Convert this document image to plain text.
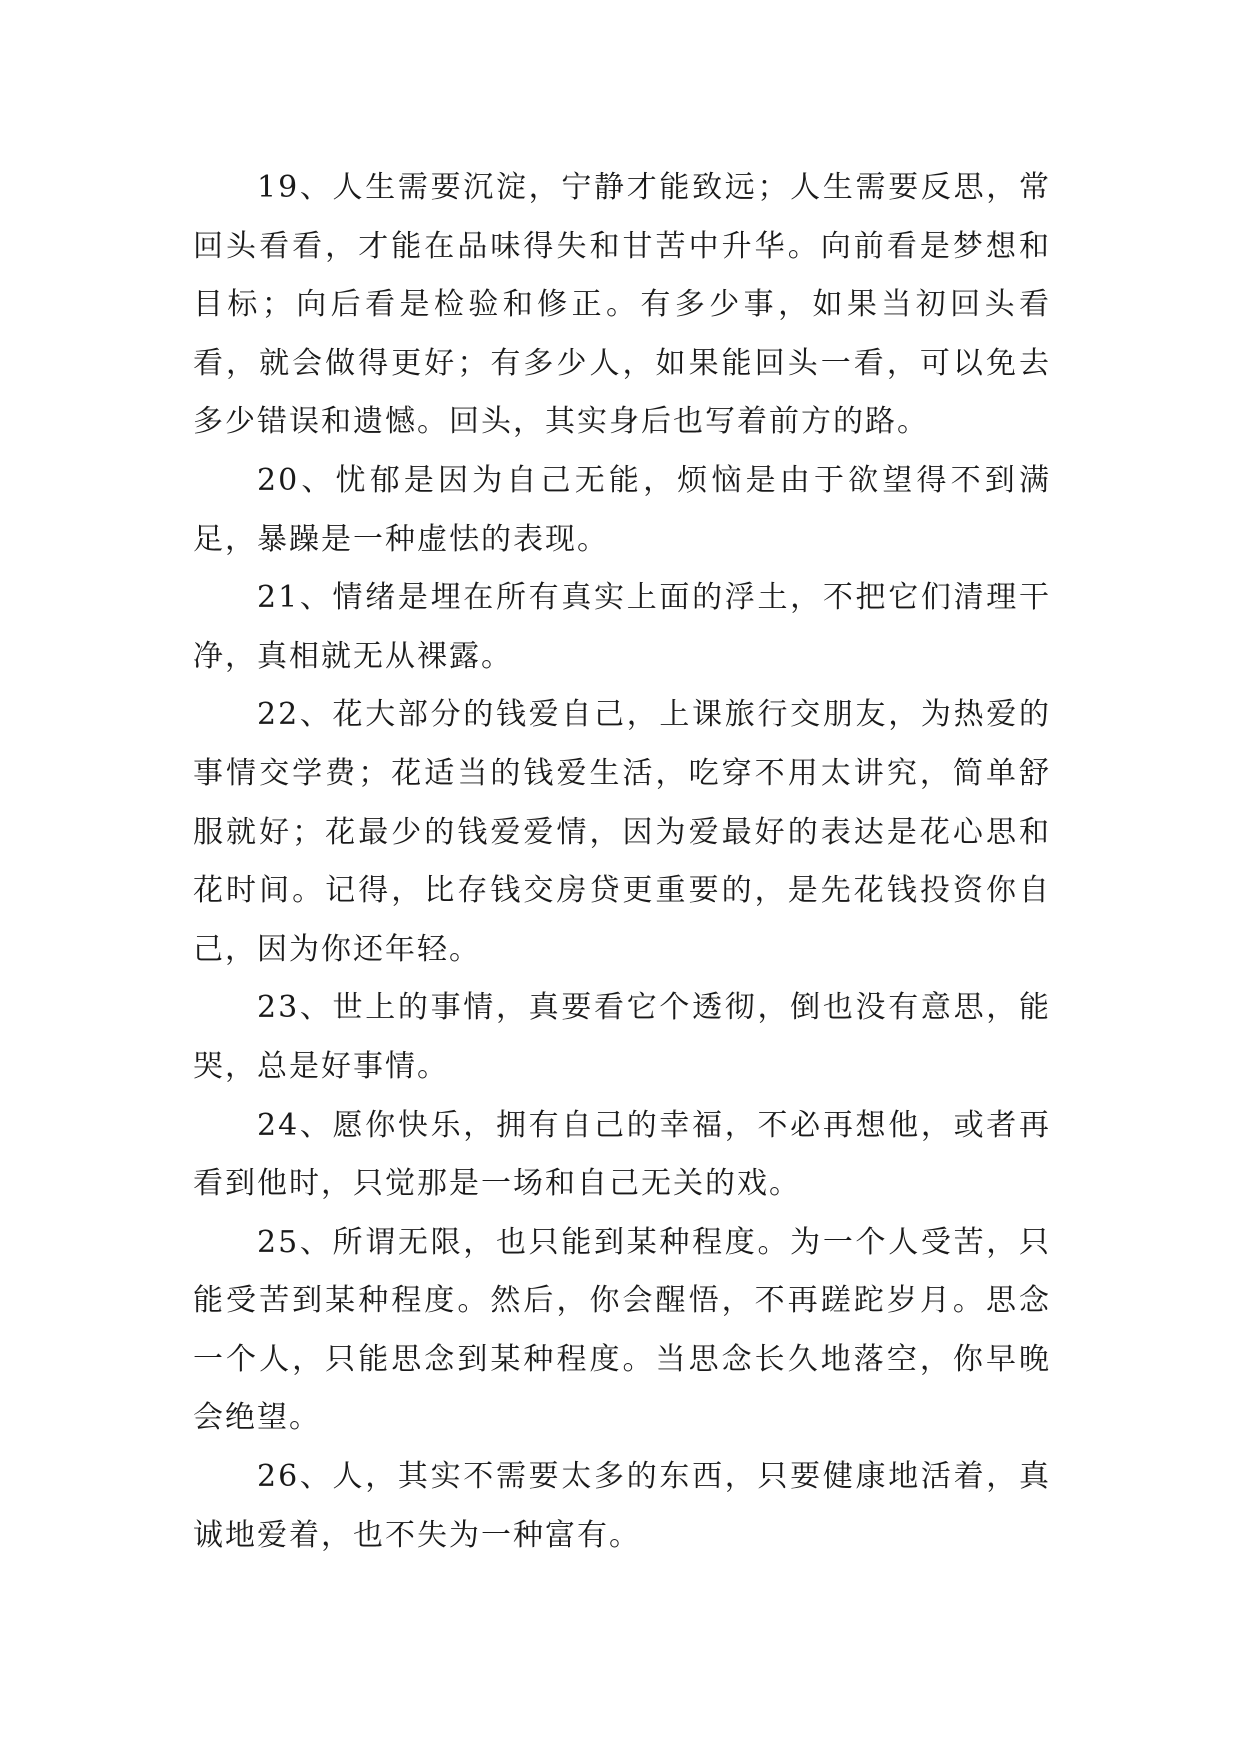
19、人生需要沉淀，宁静才能致远；人生需要反思，常回头看看，才能在品味得失和甘苦中升华。向前看是梦想和目标；向后看是检验和修正。有多少事，如果当初回头看看，就会做得更好；有多少人，如果能回头一看，可以免去多少错误和遗憾。回头，其实身后也写着前方的路。

20、忧郁是因为自己无能，烦恼是由于欲望得不到满足，暴躁是一种虚怯的表现。

21、情绪是埋在所有真实上面的浮土，不把它们清理干净，真相就无从裸露。

22、花大部分的钱爱自己，上课旅行交朋友，为热爱的事情交学费；花适当的钱爱生活，吃穿不用太讲究，简单舒服就好；花最少的钱爱爱情，因为爱最好的表达是花心思和花时间。记得，比存钱交房贷更重要的，是先花钱投资你自己，因为你还年轻。

23、世上的事情，真要看它个透彻，倒也没有意思，能哭，总是好事情。

24、愿你快乐，拥有自己的幸福，不必再想他，或者再看到他时，只觉那是一场和自己无关的戏。

25、所谓无限，也只能到某种程度。为一个人受苦，只能受苦到某种程度。然后，你会醒悟，不再蹉跎岁月。思念一个人，只能思念到某种程度。当思念长久地落空，你早晚会绝望。

26、人，其实不需要太多的东西，只要健康地活着，真诚地爱着，也不失为一种富有。
